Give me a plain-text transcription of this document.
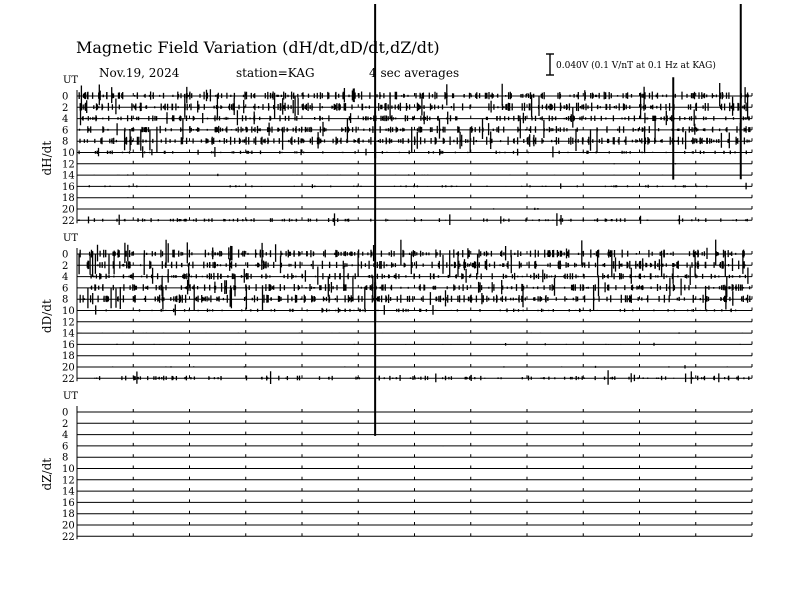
Magnetic Field Variation (dH/dt,dD/dt,dZ/dt)
Nov.19, 2024	station=KAG	4 sec averages	0.040V (0.1 V/nT at 0.1 Hz at KAG)
UT
dH/dt
0
2
4
6
8
10
12
14
16
18
20
22
UT
dD/dt
0
2
4
6
8
10
12
14
16
18
20
22
UT
dZ/dt
0
2
4
6
8
10
12
14
16
18
20
22
